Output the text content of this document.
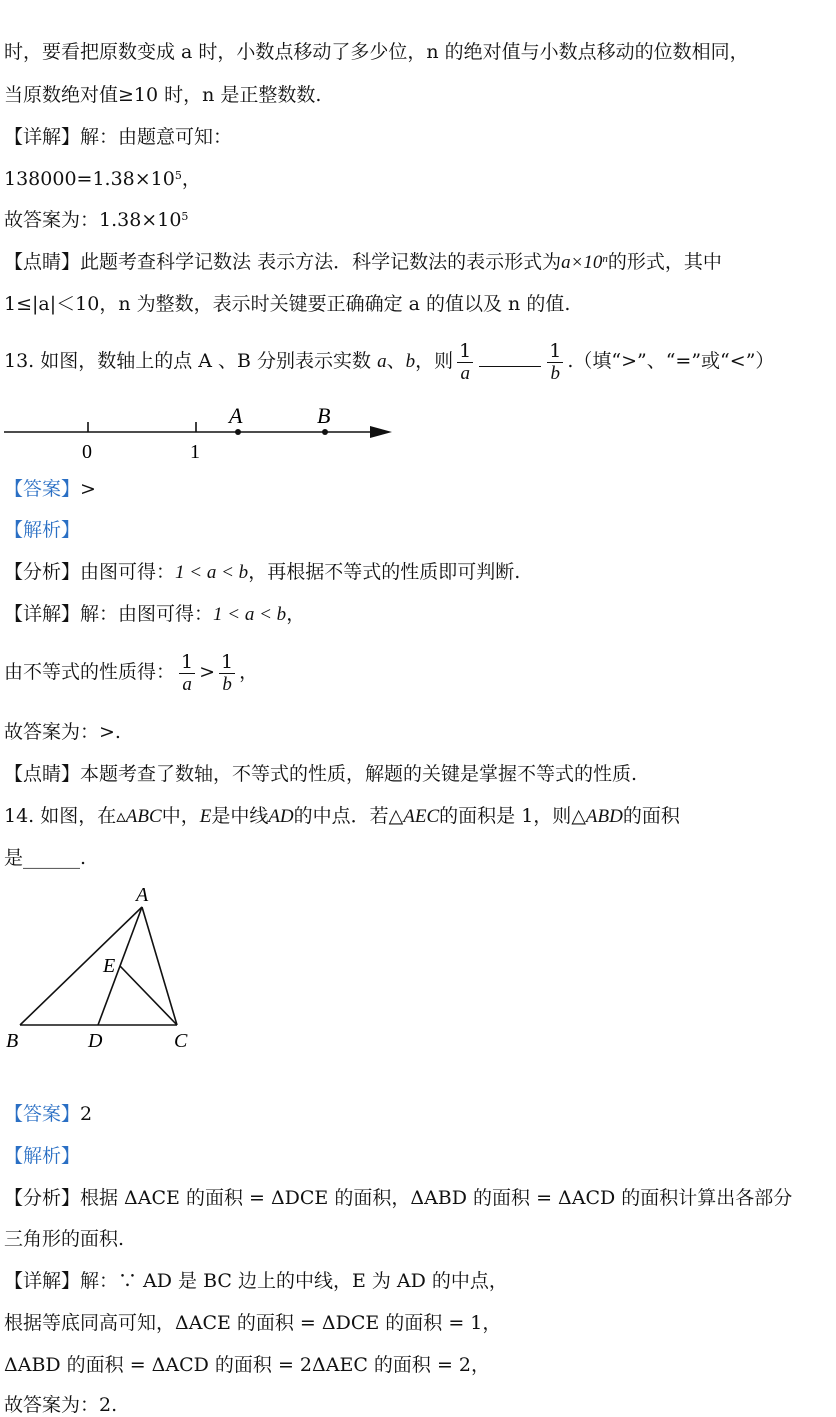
时，要看把原数变成 a 时，小数点移动了多少位，n 的绝对值与小数点移动的位数相同，
当原数绝对值≥10 时，n 是正整数数.
【详解】解：由题意可知：
$138000=1.38\times 10^5$，
故答案为：$1.38\times 10^5$
【点睛】此题考查科学记数法 表示方法．科学记数法的表示形式为$a\times 10^n$的形式，其中
1≤|a|＜10，n 为整数，表示时关键要正确确定 a 的值以及 n 的值.
13. 如图，数轴上的点 A 、B 分别表示实数 a、b，则 $\frac{1}{a}$	$\frac{1}{b}$ .（填“>”、“=”或“<”）
0	1
A	B
【答案】>
【解析】
【分析】由图可得：1 < a < b，再根据不等式的性质即可判断.
【详解】解：由图可得：1 < a < b，
由不等式的性质得： $\frac{1}{a} > \frac{1}{b}$ ，
故答案为：>.
【点睛】本题考查了数轴，不等式的性质，解题的关键是掌握不等式的性质.
14. 如图，在▵ABC中，E是中线AD的中点．若△AEC的面积是 1，则△ABD的面积
是______.
A
E
B	D	C
【答案】2
【解析】
【分析】根据 ΔACE 的面积 = ΔDCE 的面积，ΔABD 的面积 = ΔACD 的面积计算出各部分
三角形的面积.
【详解】解：∵ AD 是 BC 边上的中线，E 为 AD 的中点，
根据等底同高可知，ΔACE 的面积 = ΔDCE 的面积 = 1，
ΔABD 的面积 = ΔACD 的面积 = 2ΔAEC 的面积 = 2，
故答案为：2.
